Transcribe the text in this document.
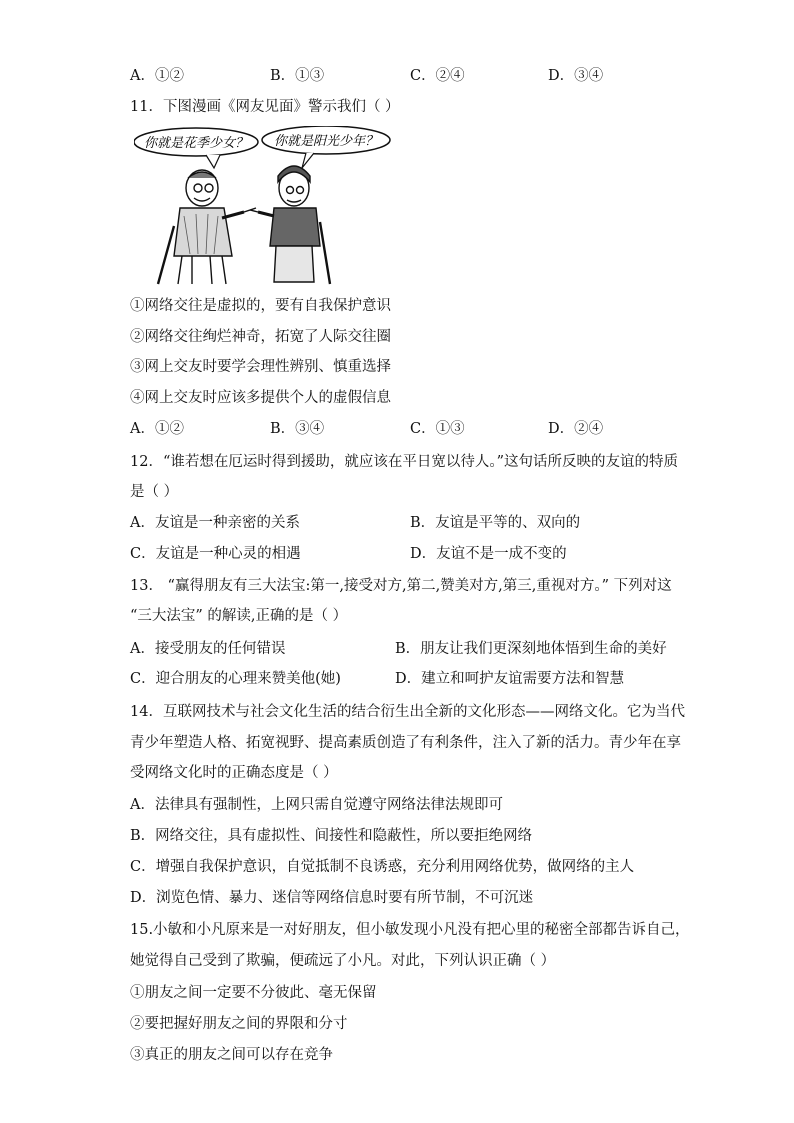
A．①②	B．①③	C．②④	D．③④
11．下图漫画《网友见面》警示我们（ ）
你就是花季少女？ 你就是阳光少年？
①网络交往是虚拟的，要有自我保护意识
②网络交往绚烂神奇，拓宽了人际交往圈
③网上交友时要学会理性辨别、慎重选择
④网上交友时应该多提供个人的虚假信息
A．①②	B．③④	C．①③	D．②④
12．“谁若想在厄运时得到援助，就应该在平日宽以待人。”这句话所反映的友谊的特质
是（ ）
A．友谊是一种亲密的关系	B．友谊是平等的、双向的
C．友谊是一种心灵的相遇	D．友谊不是一成不变的
13． “赢得朋友有三大法宝:第一,接受对方,第二,赞美对方,第三,重视对方。” 下列对这
“三大法宝” 的解读,正确的是（ ）
A．接受朋友的任何错误	B．朋友让我们更深刻地体悟到生命的美好
C．迎合朋友的心理来赞美他(她)	D．建立和呵护友谊需要方法和智慧
14．互联网技术与社会文化生活的结合衍生出全新的文化形态——网络文化。它为当代
青少年塑造人格、拓宽视野、提高素质创造了有利条件，注入了新的活力。青少年在享
受网络文化时的正确态度是（ ）
A．法律具有强制性，上网只需自觉遵守网络法律法规即可
B．网络交往，具有虚拟性、间接性和隐蔽性，所以要拒绝网络
C．增强自我保护意识，自觉抵制不良诱惑，充分利用网络优势，做网络的主人
D．浏览色情、暴力、迷信等网络信息时要有所节制，不可沉迷
15.小敏和小凡原来是一对好朋友，但小敏发现小凡没有把心里的秘密全部都告诉自己，
她觉得自己受到了欺骗，便疏远了小凡。对此，下列认识正确（ ）
①朋友之间一定要不分彼此、毫无保留
②要把握好朋友之间的界限和分寸
③真正的朋友之间可以存在竞争
